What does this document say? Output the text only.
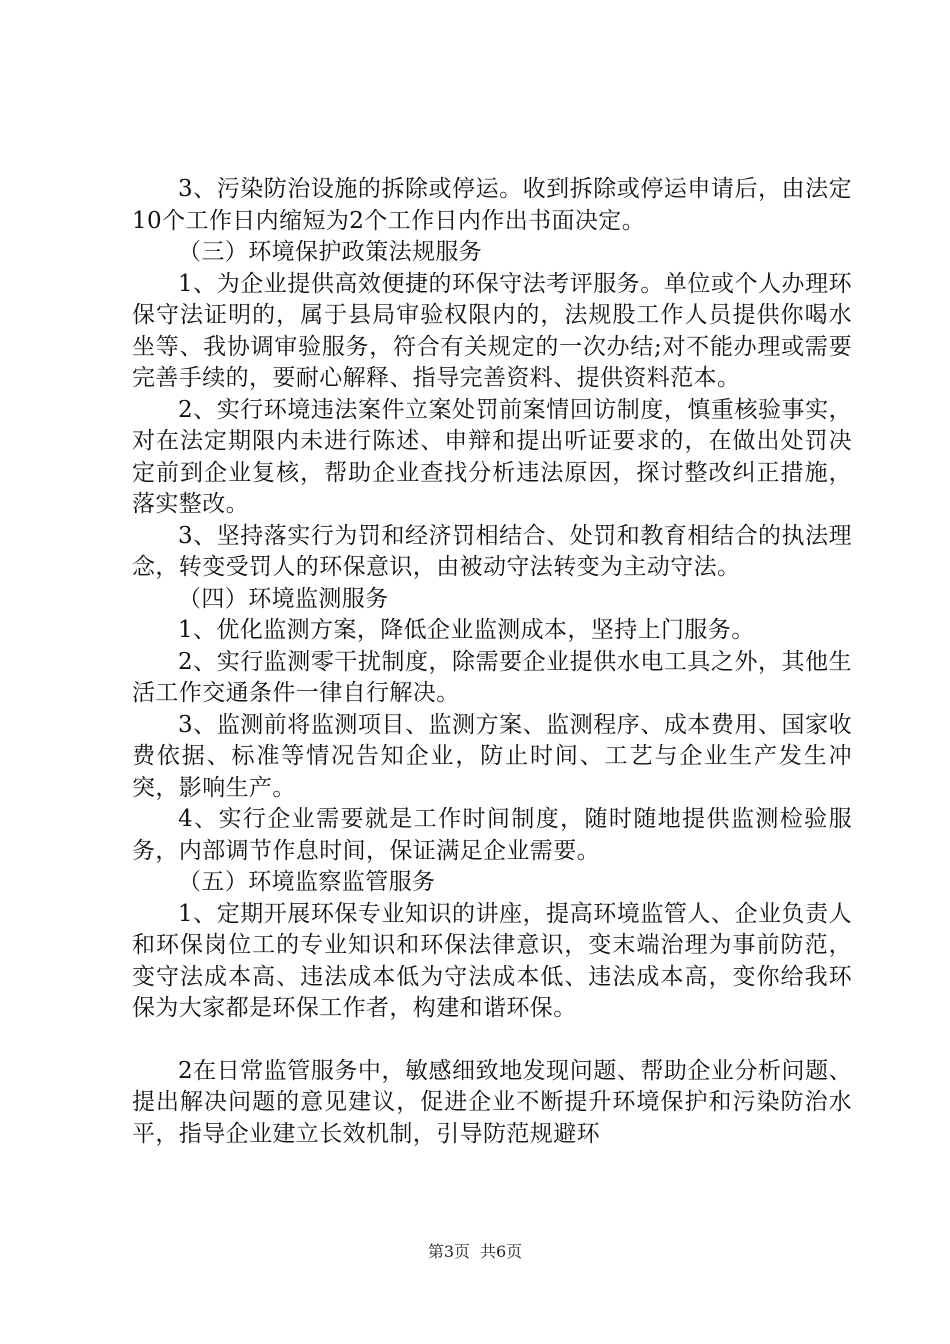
3、污染防治设施的拆除或停运。收到拆除或停运申请后，由法定10个工作日内缩短为2个工作日内作出书面决定。

（三）环境保护政策法规服务

1、为企业提供高效便捷的环保守法考评服务。单位或个人办理环保守法证明的，属于县局审验权限内的，法规股工作人员提供你喝水坐等、我协调审验服务，符合有关规定的一次办结;对不能办理或需要完善手续的，要耐心解释、指导完善资料、提供资料范本。

2、实行环境违法案件立案处罚前案情回访制度，慎重核验事实，对在法定期限内未进行陈述、申辩和提出听证要求的，在做出处罚决定前到企业复核，帮助企业查找分析违法原因，探讨整改纠正措施，落实整改。

3、坚持落实行为罚和经济罚相结合、处罚和教育相结合的执法理念，转变受罚人的环保意识，由被动守法转变为主动守法。

（四）环境监测服务

1、优化监测方案，降低企业监测成本，坚持上门服务。

2、实行监测零干扰制度，除需要企业提供水电工具之外，其他生活工作交通条件一律自行解决。

3、监测前将监测项目、监测方案、监测程序、成本费用、国家收费依据、标准等情况告知企业，防止时间、工艺与企业生产发生冲突，影响生产。

4、实行企业需要就是工作时间制度，随时随地提供监测检验服务，内部调节作息时间，保证满足企业需要。

（五）环境监察监管服务

1、定期开展环保专业知识的讲座，提高环境监管人、企业负责人和环保岗位工的专业知识和环保法律意识，变末端治理为事前防范，变守法成本高、违法成本低为守法成本低、违法成本高，变你给我环保为大家都是环保工作者，构建和谐环保。

2在日常监管服务中，敏感细致地发现问题、帮助企业分析问题、提出解决问题的意见建议，促进企业不断提升环境保护和污染防治水平，指导企业建立长效机制，引导防范规避环

第3页 共6页
